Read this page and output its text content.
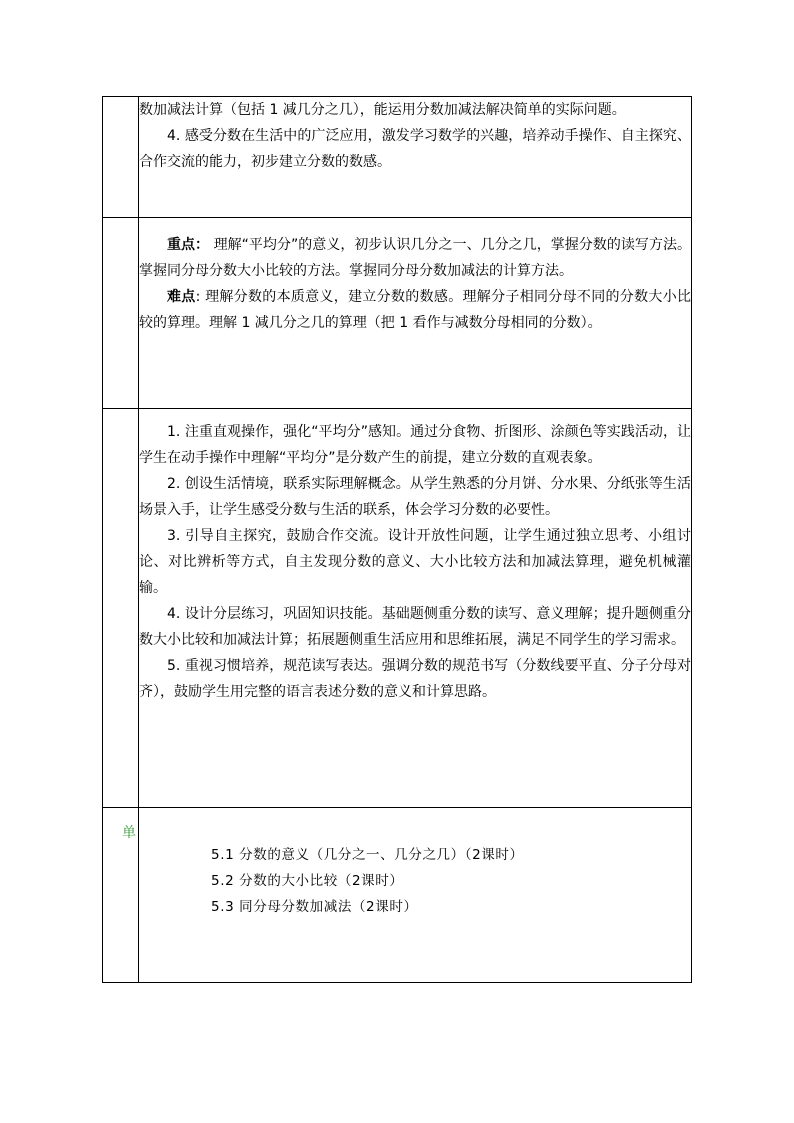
	数加减法计算（包括 1 减几分之几），能运用分数加减法解决简单的实际问题。

4. 感受分数在生活中的广泛应用，激发学习数学的兴趣，培养动手操作、自主探究、合作交流的能力，初步建立分数的数感。

	重点： 理解“平均分”的意义，初步认识几分之一、几分之几，掌握分数的读写方法。掌握同分母分数大小比较的方法。掌握同分母分数加减法的计算方法。

难点: 理解分数的本质意义，建立分数的数感。理解分子相同分母不同的分数大小比较的算理。理解 1 减几分之几的算理（把 1 看作与减数分母相同的分数）。

	1. 注重直观操作，强化“平均分”感知。通过分食物、折图形、涂颜色等实践活动，让学生在动手操作中理解“平均分”是分数产生的前提，建立分数的直观表象。

2. 创设生活情境，联系实际理解概念。从学生熟悉的分月饼、分水果、分纸张等生活场景入手，让学生感受分数与生活的联系，体会学习分数的必要性。

3. 引导自主探究，鼓励合作交流。设计开放性问题，让学生通过独立思考、小组讨论、对比辨析等方式，自主发现分数的意义、大小比较方法和加减法算理，避免机械灌输。

4. 设计分层练习，巩固知识技能。基础题侧重分数的读写、意义理解；提升题侧重分数大小比较和加减法计算；拓展题侧重生活应用和思维拓展，满足不同学生的学习需求。

5. 重视习惯培养，规范读写表达。强调分数的规范书写（分数线要平直、分子分母对齐），鼓励学生用完整的语言表述分数的意义和计算思路。

单	5.1 分数的意义（几分之一、几分之几）（2课时）

5.2 分数的大小比较（2课时）

5.3 同分母分数加减法（2课时）
